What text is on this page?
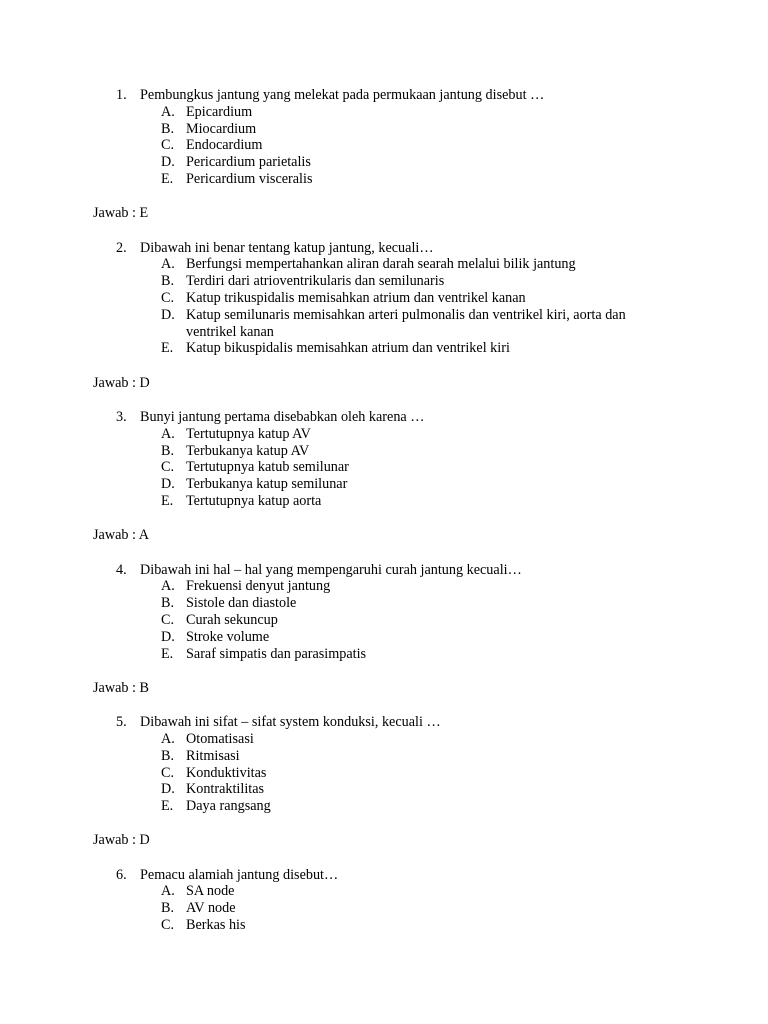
1. Pembungkus jantung yang melekat pada permukaan jantung disebut …
A. Epicardium
B. Miocardium
C. Endocardium
D. Pericardium parietalis
E. Pericardium visceralis
Jawab : E
2. Dibawah ini benar tentang katup jantung, kecuali…
A. Berfungsi mempertahankan aliran darah searah melalui bilik jantung
B. Terdiri dari atrioventrikularis dan semilunaris
C. Katup trikuspidalis memisahkan atrium dan ventrikel kanan
D. Katup semilunaris memisahkan arteri pulmonalis dan ventrikel kiri, aorta dan ventrikel kanan
E. Katup bikuspidalis memisahkan atrium dan ventrikel kiri
Jawab : D
3. Bunyi jantung pertama disebabkan oleh karena …
A. Tertutupnya katup AV
B. Terbukanya katup AV
C. Tertutupnya katub semilunar
D. Terbukanya katup semilunar
E. Tertutupnya katup aorta
Jawab : A
4. Dibawah ini hal – hal yang mempengaruhi curah jantung kecuali…
A. Frekuensi denyut jantung
B. Sistole dan diastole
C. Curah sekuncup
D. Stroke volume
E. Saraf simpatis dan parasimpatis
Jawab : B
5. Dibawah ini sifat – sifat system konduksi, kecuali …
A. Otomatisasi
B. Ritmisasi
C. Konduktivitas
D. Kontraktilitas
E. Daya rangsang
Jawab : D
6. Pemacu alamiah jantung disebut…
A. SA node
B. AV node
C. Berkas his
